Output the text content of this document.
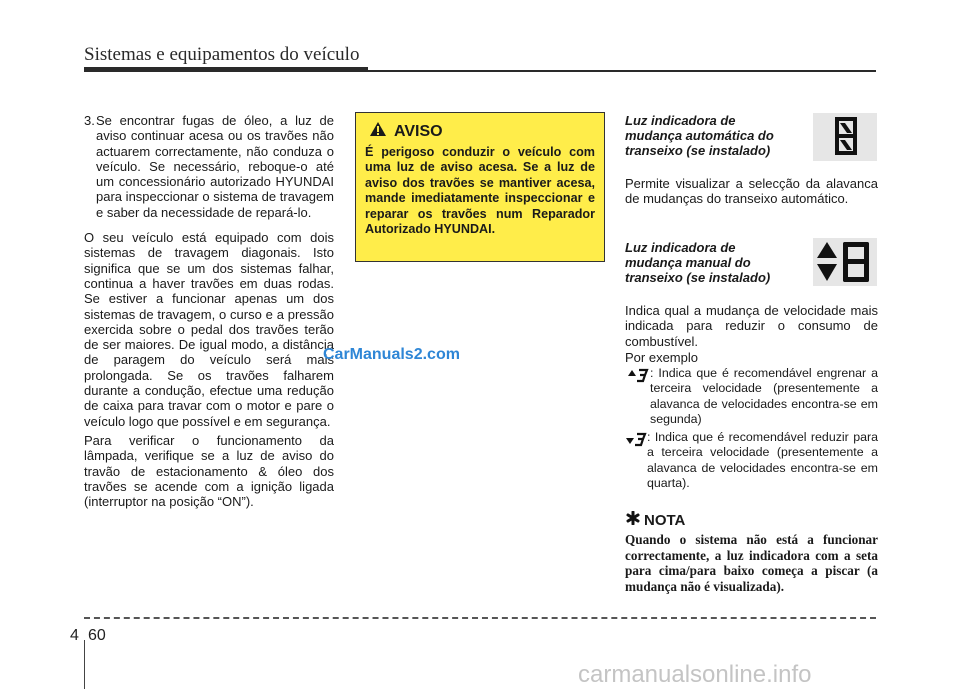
Sistemas e equipamentos do veículo
3. Se encontrar fugas de óleo, a luz de aviso continuar acesa ou os travões não actuarem correctamente, não conduza o veículo. Se necessário, reboque-o até um concessionário autorizado HYUNDAI para inspeccionar o sistema de travagem e saber da necessidade de repará-lo.

O seu veículo está equipado com dois sistemas de travagem diagonais. Isto significa que se um dos sistemas falhar, continua a haver travões em duas rodas. Se estiver a funcionar apenas um dos sistemas de travagem, o curso e a pressão exercida sobre o pedal dos travões terão de ser maiores. De igual modo, a distância de paragem do veículo será mais prolongada. Se os travões falharem durante a condução, efectue uma redução de caixa para travar com o motor e pare o veículo logo que possível e em segurança.

Para verificar o funcionamento da lâmpada, verifique se a luz de aviso do travão de estacionamento & óleo dos travões se acende com a ignição ligada (interruptor na posição “ON”).

AVISO
É perigoso conduzir o veículo com uma luz de aviso acesa. Se a luz de aviso dos travões se mantiver acesa, mande imediatamente inspeccionar e reparar os travões num Reparador Autorizado HYUNDAI.
Luz indicadora de mudança automática do transeixo (se instalado)
Permite visualizar a selecção da alavanca de mudanças do transeixo automático.
Luz indicadora de mudança manual do transeixo (se instalado)
Indica qual a mudança de velocidade mais indicada para reduzir o consumo de combustível.
Por exemplo
: Indica que é recomendável engrenar a terceira velocidade (presentemente a alavanca de velocidades encontra-se em segunda)
: Indica que é recomendável reduzir para a terceira velocidade (presentemente a alavanca de velocidades encontra-se em quarta).
NOTA
Quando o sistema não está a funcionar correctamente, a luz indicadora com a seta para cima/para baixo começa a piscar (a mudança não é visualizada).
CarManuals2.com
4 60
carmanualsonline.info
